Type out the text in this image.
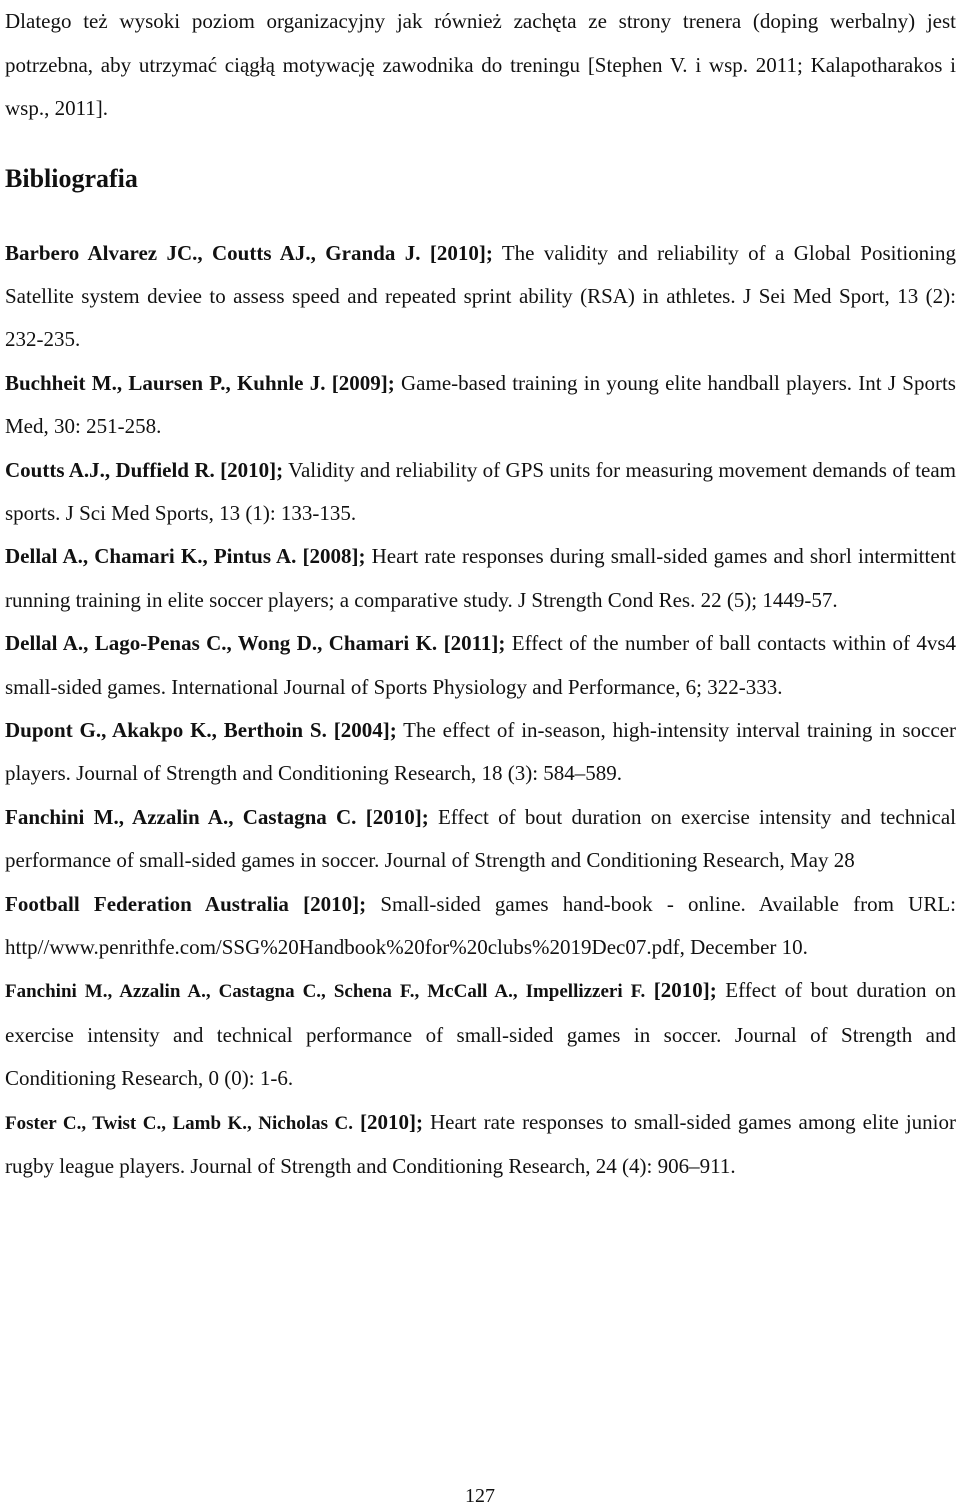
Dlatego też wysoki poziom organizacyjny jak również zachęta ze strony trenera (doping werbalny) jest potrzebna, aby utrzymać ciągłą motywację zawodnika do treningu [Stephen V. i wsp. 2011; Kalapotharakos i wsp., 2011].

Bibliografia

Barbero Alvarez JC., Coutts AJ., Granda J. [2010]; The validity and reliability of a Global Positioning Satellite system deviee to assess speed and repeated sprint ability (RSA) in athletes. J Sei Med Sport, 13 (2): 232-235.

Buchheit M., Laursen P., Kuhnle J. [2009]; Game-based training in young elite handball players. Int J Sports Med, 30: 251-258.

Coutts A.J., Duffield R. [2010]; Validity and reliability of GPS units for measuring movement demands of team sports. J Sci Med Sports, 13 (1): 133-135.

Dellal A., Chamari K., Pintus A. [2008]; Heart rate responses during small-sided games and shorl intermittent running training in elite soccer players; a comparative study. J Strength Cond Res. 22 (5); 1449-57.

Dellal A., Lago-Penas C., Wong D., Chamari K. [2011]; Effect of the number of ball contacts within of 4vs4 small-sided games. International Journal of Sports Physiology and Performance, 6; 322-333.

Dupont G., Akakpo K., Berthoin S. [2004]; The effect of in-season, high-intensity interval training in soccer players. Journal of Strength and Conditioning Research, 18 (3): 584–589.

Fanchini M., Azzalin A., Castagna C. [2010]; Effect of bout duration on exercise intensity and technical performance of small-sided games in soccer. Journal of Strength and Conditioning Research, May 28

Football Federation Australia [2010]; Small-sided games hand-book - online. Available from URL: http//www.penrithfe.com/SSG%20Handbook%20for%20clubs%2019Dec07.pdf, December 10.

Fanchini M., Azzalin A., Castagna C., Schena F., McCall A., Impellizzeri F. [2010]; Effect of bout duration on exercise intensity and technical performance of small-sided games in soccer. Journal of Strength and Conditioning Research, 0 (0): 1-6.

Foster C., Twist C., Lamb K., Nicholas C. [2010]; Heart rate responses to small-sided games among elite junior rugby league players. Journal of Strength and Conditioning Research, 24 (4): 906–911.

127
